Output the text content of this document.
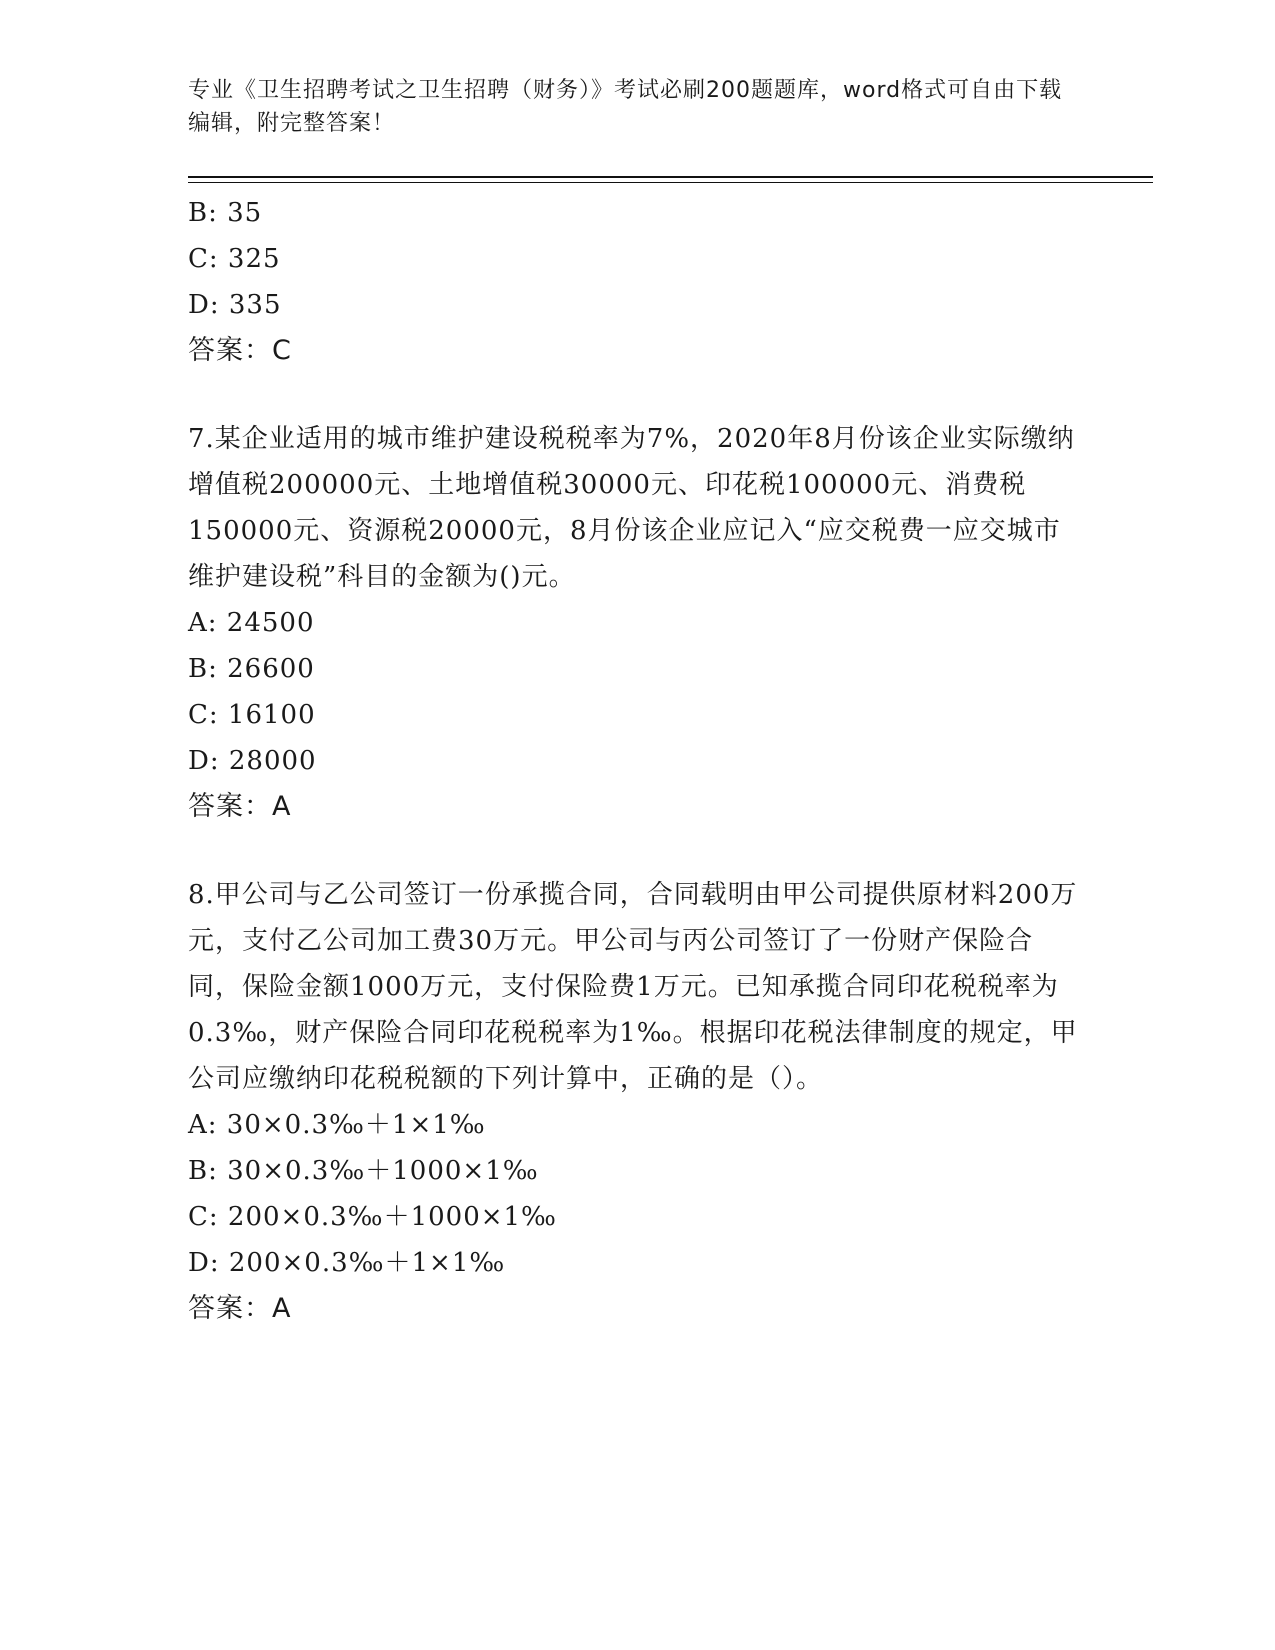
专业《卫生招聘考试之卫生招聘（财务）》考试必刷200题题库，word格式可自由下载编辑，附完整答案！
B: 35
C: 325
D: 335
答案：C
7.某企业适用的城市维护建设税税率为7%，2020年8月份该企业实际缴纳增值税200000元、土地增值税30000元、印花税100000元、消费税150000元、资源税20000元，8月份该企业应记入“应交税费一应交城市维护建设税”科目的金额为()元。
A: 24500
B: 26600
C: 16100
D: 28000
答案：A
8.甲公司与乙公司签订一份承揽合同，合同载明由甲公司提供原材料200万元，支付乙公司加工费30万元。甲公司与丙公司签订了一份财产保险合同，保险金额1000万元，支付保险费1万元。已知承揽合同印花税税率为0.3‰，财产保险合同印花税税率为1‰。根据印花税法律制度的规定，甲公司应缴纳印花税税额的下列计算中，正确的是（）。
A: 30×0.3‰＋1×1‰
B: 30×0.3‰＋1000×1‰
C: 200×0.3‰＋1000×1‰
D: 200×0.3‰＋1×1‰
答案：A
